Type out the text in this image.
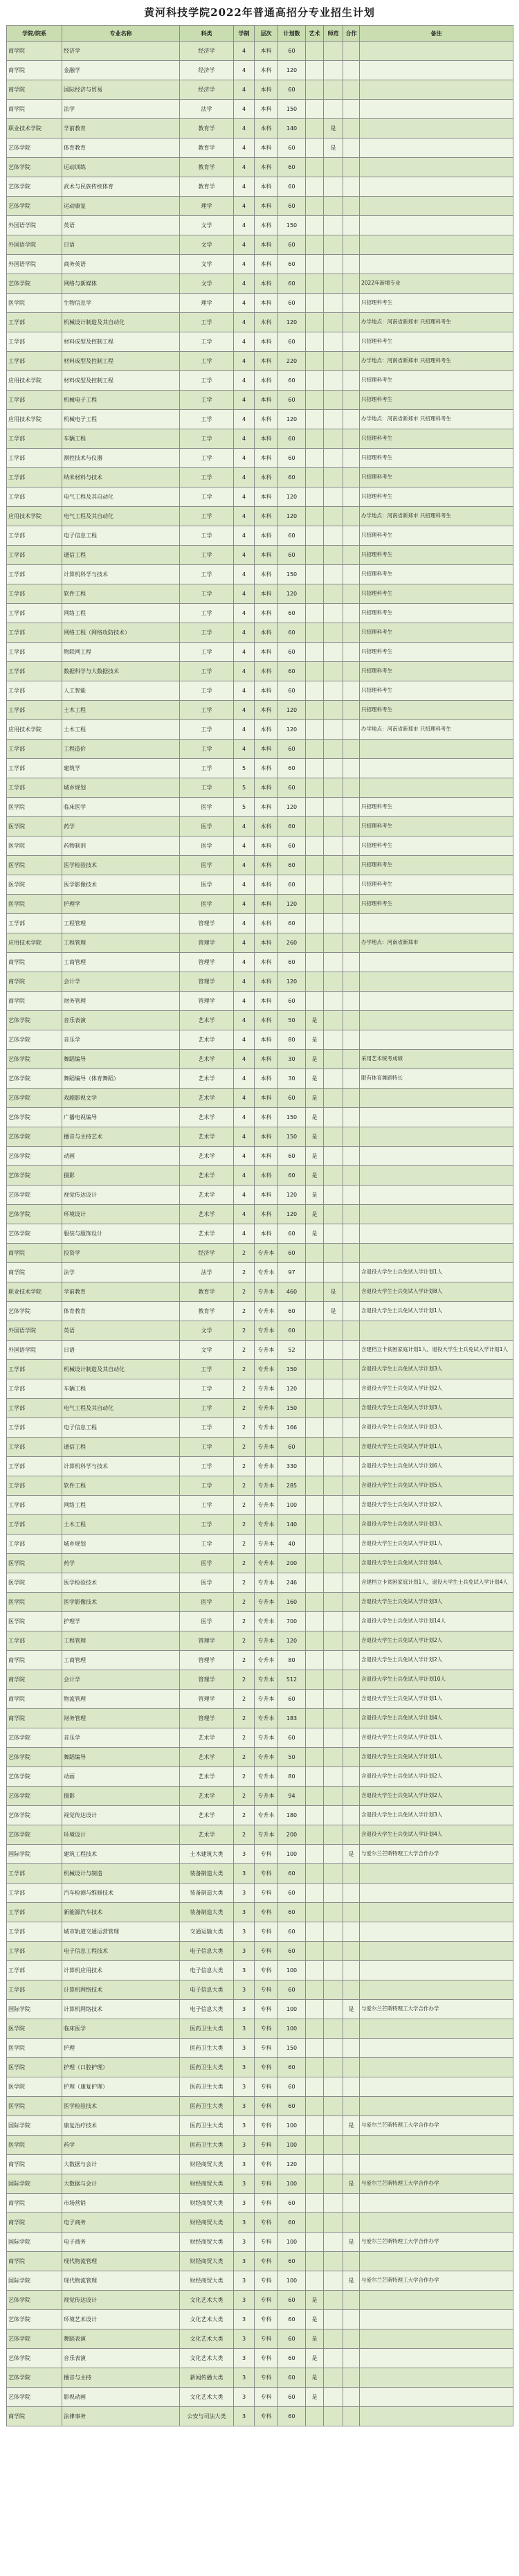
黄河科技学院2022年普通高招分专业招生计划
学院/院系	专业名称	科类	学制	层次	计划数	艺术	师范	合作	备注
商学院	经济学	经济学	4	本科	60				
商学院	金融学	经济学	4	本科	120				
商学院	国际经济与贸易	经济学	4	本科	60				
商学院	法学	法学	4	本科	150				
职业技术学院	学前教育	教育学	4	本科	140		是		
艺体学院	体育教育	教育学	4	本科	60		是		
艺体学院	运动训练	教育学	4	本科	60				
艺体学院	武术与民族传统体育	教育学	4	本科	60				
艺体学院	运动康复	理学	4	本科	60				
外国语学院	英语	文学	4	本科	150				
外国语学院	日语	文学	4	本科	60				
外国语学院	商务英语	文学	4	本科	60				
艺体学院	网络与新媒体	文学	4	本科	60				2022年新增专业
医学院	生物信息学	理学	4	本科	60				只招理科考生
工学部	机械设计制造及其自动化	工学	4	本科	120				办学地点：河南省新郑市 只招理科考生
工学部	材料成型及控制工程	工学	4	本科	60				只招理科考生
工学部	材料成型及控制工程	工学	4	本科	220				办学地点：河南省新郑市 只招理科考生
应用技术学院	材料成型及控制工程	工学	4	本科	60				只招理科考生
工学部	机械电子工程	工学	4	本科	60				只招理科考生
应用技术学院	机械电子工程	工学	4	本科	120				办学地点：河南省新郑市 只招理科考生
工学部	车辆工程	工学	4	本科	60				只招理科考生
工学部	测控技术与仪器	工学	4	本科	60				只招理科考生
工学部	纳米材料与技术	工学	4	本科	60				只招理科考生
工学部	电气工程及其自动化	工学	4	本科	120				只招理科考生
应用技术学院	电气工程及其自动化	工学	4	本科	120				办学地点：河南省新郑市 只招理科考生
工学部	电子信息工程	工学	4	本科	60				只招理科考生
工学部	通信工程	工学	4	本科	60				只招理科考生
工学部	计算机科学与技术	工学	4	本科	150				只招理科考生
工学部	软件工程	工学	4	本科	120				只招理科考生
工学部	网络工程	工学	4	本科	60				只招理科考生
工学部	网络工程（网络攻防技术）	工学	4	本科	60				只招理科考生
工学部	物联网工程	工学	4	本科	60				只招理科考生
工学部	数据科学与大数据技术	工学	4	本科	60				只招理科考生
工学部	人工智能	工学	4	本科	60				只招理科考生
工学部	土木工程	工学	4	本科	120				只招理科考生
应用技术学院	土木工程	工学	4	本科	120				办学地点：河南省新郑市 只招理科考生
工学部	工程造价	工学	4	本科	60				
工学部	建筑学	工学	5	本科	60				
工学部	城乡规划	工学	5	本科	60				
医学院	临床医学	医学	5	本科	120				只招理科考生
医学院	药学	医学	4	本科	60				只招理科考生
医学院	药物制剂	医学	4	本科	60				只招理科考生
医学院	医学检验技术	医学	4	本科	60				只招理科考生
医学院	医学影像技术	医学	4	本科	60				只招理科考生
医学院	护理学	医学	4	本科	120				只招理科考生
工学部	工程管理	管理学	4	本科	60				
应用技术学院	工程管理	管理学	4	本科	260				办学地点：河南省新郑市
商学院	工商管理	管理学	4	本科	60				
商学院	会计学	管理学	4	本科	120				
商学院	财务管理	管理学	4	本科	60				
艺体学院	音乐表演	艺术学	4	本科	50	是			
艺体学院	音乐学	艺术学	4	本科	80	是			
艺体学院	舞蹈编导	艺术学	4	本科	30	是			采用艺术统考成绩
艺体学院	舞蹈编导（体育舞蹈）	艺术学	4	本科	30	是			限有体育舞蹈特长
艺体学院	戏剧影视文学	艺术学	4	本科	60	是			
艺体学院	广播电视编导	艺术学	4	本科	150	是			
艺体学院	播音与主持艺术	艺术学	4	本科	150	是			
艺体学院	动画	艺术学	4	本科	60	是			
艺体学院	摄影	艺术学	4	本科	60	是			
艺体学院	视觉传达设计	艺术学	4	本科	120	是			
艺体学院	环境设计	艺术学	4	本科	120	是			
艺体学院	服装与服饰设计	艺术学	4	本科	60	是			
商学院	投资学	经济学	2	专升本	60				
商学院	法学	法学	2	专升本	97				含退役大学生士兵免试入学计划1人
职业技术学院	学前教育	教育学	2	专升本	460		是		含退役大学生士兵免试入学计划8人
艺体学院	体育教育	教育学	2	专升本	60		是		含退役大学生士兵免试入学计划1人
外国语学院	英语	文学	2	专升本	60				
外国语学院	日语	文学	2	专升本	52				含建档立卡贫困家庭计划1人，退役大学生士兵免试入学计划1人
工学部	机械设计制造及其自动化	工学	2	专升本	150				含退役大学生士兵免试入学计划3人
工学部	车辆工程	工学	2	专升本	120				含退役大学生士兵免试入学计划2人
工学部	电气工程及其自动化	工学	2	专升本	150				含退役大学生士兵免试入学计划3人
工学部	电子信息工程	工学	2	专升本	166				含退役大学生士兵免试入学计划3人
工学部	通信工程	工学	2	专升本	60				含退役大学生士兵免试入学计划1人
工学部	计算机科学与技术	工学	2	专升本	330				含退役大学生士兵免试入学计划6人
工学部	软件工程	工学	2	专升本	285				含退役大学生士兵免试入学计划5人
工学部	网络工程	工学	2	专升本	100				含退役大学生士兵免试入学计划2人
工学部	土木工程	工学	2	专升本	140				含退役大学生士兵免试入学计划3人
工学部	城乡规划	工学	2	专升本	40				含退役大学生士兵免试入学计划1人
医学院	药学	医学	2	专升本	200				含退役大学生士兵免试入学计划4人
医学院	医学检验技术	医学	2	专升本	246				含建档立卡贫困家庭计划1人，退役大学生士兵免试入学计划4人
医学院	医学影像技术	医学	2	专升本	160				含退役大学生士兵免试入学计划3人
医学院	护理学	医学	2	专升本	700				含退役大学生士兵免试入学计划14人
工学部	工程管理	管理学	2	专升本	120				含退役大学生士兵免试入学计划2人
商学院	工商管理	管理学	2	专升本	80				含退役大学生士兵免试入学计划2人
商学院	会计学	管理学	2	专升本	512				含退役大学生士兵免试入学计划10人
商学院	物流管理	管理学	2	专升本	60				含退役大学生士兵免试入学计划1人
商学院	财务管理	管理学	2	专升本	183				含退役大学生士兵免试入学计划4人
艺体学院	音乐学	艺术学	2	专升本	60				含退役大学生士兵免试入学计划1人
艺体学院	舞蹈编导	艺术学	2	专升本	50				含退役大学生士兵免试入学计划1人
艺体学院	动画	艺术学	2	专升本	80				含退役大学生士兵免试入学计划2人
艺体学院	摄影	艺术学	2	专升本	94				含退役大学生士兵免试入学计划2人
艺体学院	视觉传达设计	艺术学	2	专升本	180				含退役大学生士兵免试入学计划3人
艺体学院	环境设计	艺术学	2	专升本	200				含退役大学生士兵免试入学计划4人
国际学院	建筑工程技术	土木建筑大类	3	专科	100			是	与爱尔兰芒斯特理工大学合作办学
工学部	机械设计与制造	装备制造大类	3	专科	60				
工学部	汽车检测与维修技术	装备制造大类	3	专科	60				
工学部	新能源汽车技术	装备制造大类	3	专科	60				
工学部	城市轨道交通运营管理	交通运输大类	3	专科	60				
工学部	电子信息工程技术	电子信息大类	3	专科	60				
工学部	计算机应用技术	电子信息大类	3	专科	100				
工学部	计算机网络技术	电子信息大类	3	专科	60				
国际学院	计算机网络技术	电子信息大类	3	专科	100			是	与爱尔兰芒斯特理工大学合作办学
医学院	临床医学	医药卫生大类	3	专科	100				
医学院	护理	医药卫生大类	3	专科	150				
医学院	护理（口腔护理）	医药卫生大类	3	专科	60				
医学院	护理（康复护理）	医药卫生大类	3	专科	60				
医学院	医学检验技术	医药卫生大类	3	专科	60				
国际学院	康复治疗技术	医药卫生大类	3	专科	100			是	与爱尔兰芒斯特理工大学合作办学
医学院	药学	医药卫生大类	3	专科	100				
商学院	大数据与会计	财经商贸大类	3	专科	120				
国际学院	大数据与会计	财经商贸大类	3	专科	100			是	与爱尔兰芒斯特理工大学合作办学
商学院	市场营销	财经商贸大类	3	专科	60				
商学院	电子商务	财经商贸大类	3	专科	60				
国际学院	电子商务	财经商贸大类	3	专科	100			是	与爱尔兰芒斯特理工大学合作办学
商学院	现代物流管理	财经商贸大类	3	专科	60				
国际学院	现代物流管理	财经商贸大类	3	专科	100			是	与爱尔兰芒斯特理工大学合作办学
艺体学院	视觉传达设计	文化艺术大类	3	专科	60	是			
艺体学院	环境艺术设计	文化艺术大类	3	专科	60	是			
艺体学院	舞蹈表演	文化艺术大类	3	专科	60	是			
艺体学院	音乐表演	文化艺术大类	3	专科	60	是			
艺体学院	播音与主持	新闻传播大类	3	专科	60	是			
艺体学院	影视动画	文化艺术大类	3	专科	60	是			
商学院	法律事务	公安与司法大类	3	专科	60				
